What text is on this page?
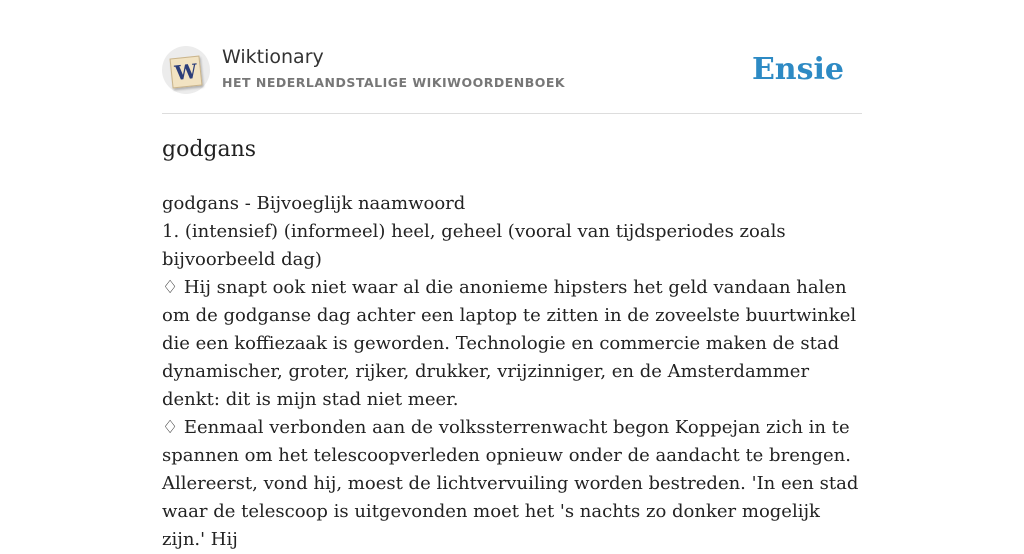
W
Wiktionary
HET NEDERLANDSTALIGE WIKIWOORDENBOEK	Ensie
godgans

godgans - Bijvoeglijk naamwoord

1. (intensief) (informeel) heel, geheel (vooral van tijdsperiodes zoals bijvoorbeeld dag)

♢ Hij snapt ook niet waar al die anonieme hipsters het geld vandaan halen om de godganse dag achter een laptop te zitten in de zoveelste buurtwinkel die een koffiezaak is geworden. Technologie en commercie maken de stad dynamischer, groter, rijker, drukker, vrijzinniger, en de Amsterdammer denkt: dit is mijn stad niet meer.

♢ Eenmaal verbonden aan de volkssterrenwacht begon Koppejan zich in te spannen om het telescoopverleden opnieuw onder de aandacht te brengen. Allereerst, vond hij, moest de lichtvervuiling worden bestreden. 'In een stad waar de telescoop is uitgevonden moet het 's nachts zo donker mogelijk zijn.' Hij
